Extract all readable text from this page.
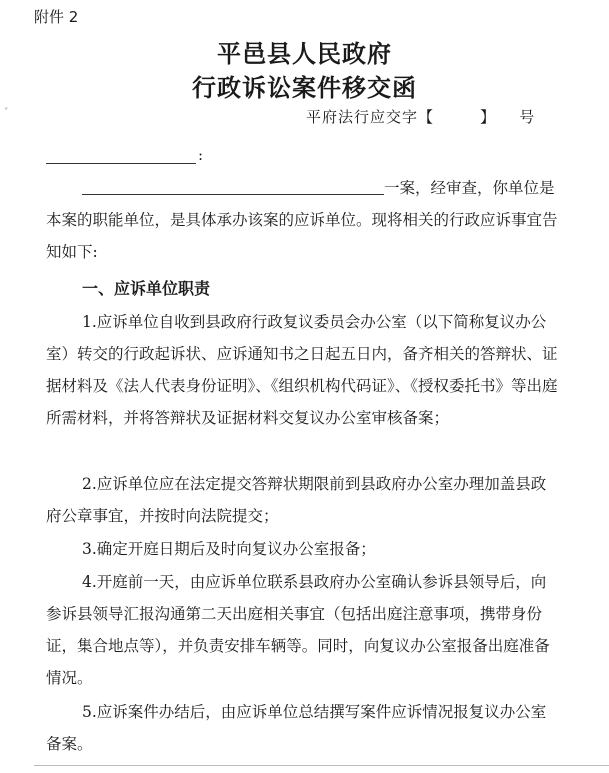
附件 2
平邑县人民政府
行政诉讼案件移交函
˅	平府法行应交字【        】    号
:
一案，经审查，你单位是本案的职能单位，是具体承办该案的应诉单位。现将相关的行政应诉事宜告知如下:
一、应诉单位职责
1.应诉单位自收到县政府行政复议委员会办公室（以下简称复议办公室）转交的行政起诉状、应诉通知书之日起五日内，备齐相关的答辩状、证据材料及《法人代表身份证明》、《组织机构代码证》、《授权委托书》等出庭所需材料，并将答辩状及证据材料交复议办公室审核备案；
2.应诉单位应在法定提交答辩状期限前到县政府办公室办理加盖县政府公章事宜，并按时向法院提交；
3.确定开庭日期后及时向复议办公室报备；
4.开庭前一天，由应诉单位联系县政府办公室确认参诉县领导后，向参诉县领导汇报沟通第二天出庭相关事宜（包括出庭注意事项，携带身份证，集合地点等），并负责安排车辆等。同时，向复议办公室报备出庭准备情况。
5.应诉案件办结后，由应诉单位总结撰写案件应诉情况报复议办公室备案。
